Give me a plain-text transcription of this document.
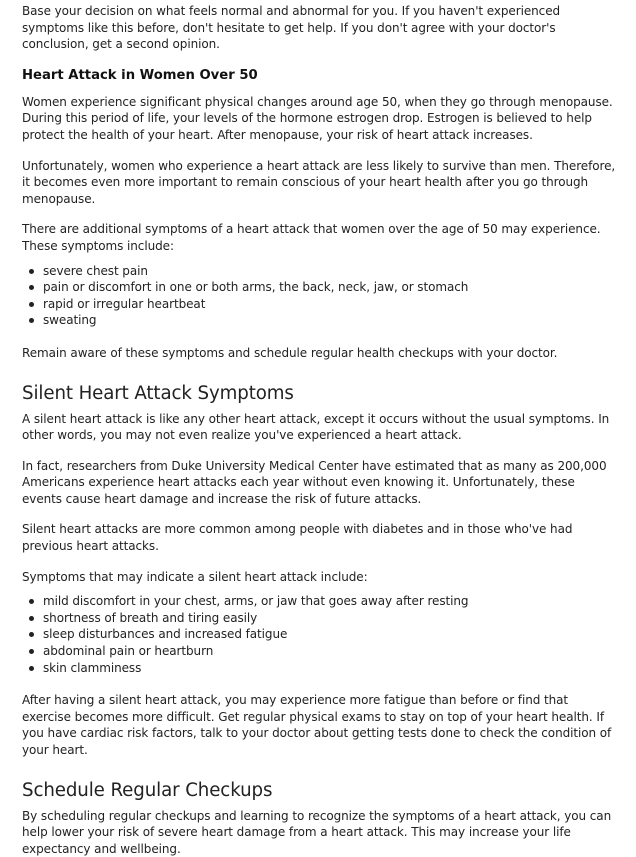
Base your decision on what feels normal and abnormal for you. If you haven't experienced symptoms like this before, don't hesitate to get help. If you don't agree with your doctor's conclusion, get a second opinion.

Heart Attack in Women Over 50

Women experience significant physical changes around age 50, when they go through menopause. During this period of life, your levels of the hormone estrogen drop. Estrogen is believed to help protect the health of your heart. After menopause, your risk of heart attack increases.

Unfortunately, women who experience a heart attack are less likely to survive than men. Therefore, it becomes even more important to remain conscious of your heart health after you go through menopause.

There are additional symptoms of a heart attack that women over the age of 50 may experience. These symptoms include:

severe chest pain
pain or discomfort in one or both arms, the back, neck, jaw, or stomach
rapid or irregular heartbeat
sweating

Remain aware of these symptoms and schedule regular health checkups with your doctor.

Silent Heart Attack Symptoms

A silent heart attack is like any other heart attack, except it occurs without the usual symptoms. In other words, you may not even realize you've experienced a heart attack.

In fact, researchers from Duke University Medical Center have estimated that as many as 200,000 Americans experience heart attacks each year without even knowing it. Unfortunately, these events cause heart damage and increase the risk of future attacks.

Silent heart attacks are more common among people with diabetes and in those who've had previous heart attacks.

Symptoms that may indicate a silent heart attack include:

mild discomfort in your chest, arms, or jaw that goes away after resting
shortness of breath and tiring easily
sleep disturbances and increased fatigue
abdominal pain or heartburn
skin clamminess

After having a silent heart attack, you may experience more fatigue than before or find that exercise becomes more difficult. Get regular physical exams to stay on top of your heart health. If you have cardiac risk factors, talk to your doctor about getting tests done to check the condition of your heart.

Schedule Regular Checkups

By scheduling regular checkups and learning to recognize the symptoms of a heart attack, you can help lower your risk of severe heart damage from a heart attack. This may increase your life expectancy and wellbeing.
